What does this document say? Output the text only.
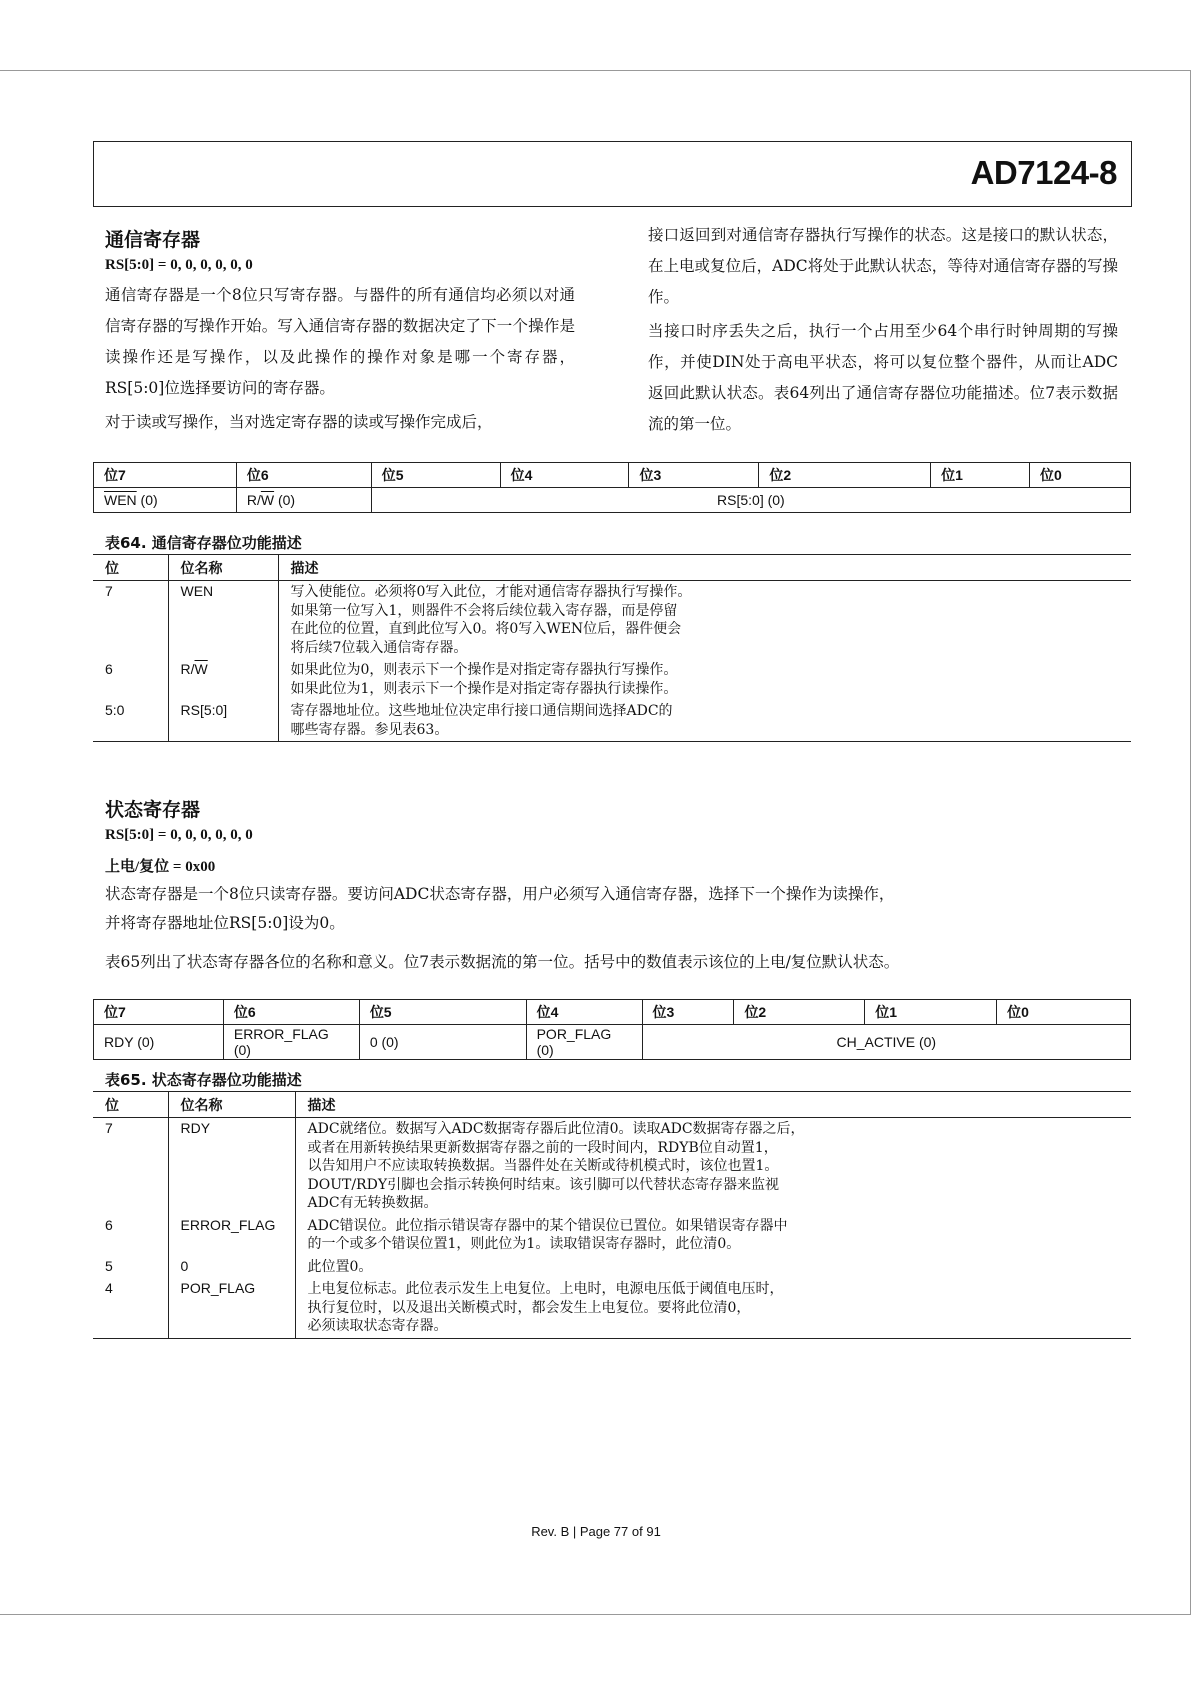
AD7124-8
通信寄存器
RS[5:0] = 0, 0, 0, 0, 0, 0

通信寄存器是一个8位只写寄存器。与器件的所有通信均必须以对通信寄存器的写操作开始。写入通信寄存器的数据决定了下一个操作是读操作还是写操作，以及此操作的操作对象是哪一个寄存器，RS[5:0]位选择要访问的寄存器。

对于读或写操作，当对选定寄存器的读或写操作完成后，

接口返回到对通信寄存器执行写操作的状态。这是接口的默认状态，在上电或复位后，ADC将处于此默认状态，等待对通信寄存器的写操作。

当接口时序丢失之后，执行一个占用至少64个串行时钟周期的写操作，并使DIN处于高电平状态，将可以复位整个器件，从而让ADC返回此默认状态。表64列出了通信寄存器位功能描述。位7表示数据流的第一位。

位7	位6	位5	位4	位3	位2	位1	位0
$\overline{WEN}$ (0)	$R/\overline{W}$ (0)	RS[5:0] (0)					
表64. 通信寄存器位功能描述
位	位名称	描述
7	WEN	写入使能位。必须将0写入此位，才能对通信寄存器执行写操作。
如果第一位写入1，则器件不会将后续位载入寄存器，而是停留
在此位的位置，直到此位写入0。将0写入WEN位后，器件便会
将后续7位载入通信寄存器。

6	$R/\overline{W}$	如果此位为0，则表示下一个操作是对指定寄存器执行写操作。
如果此位为1，则表示下一个操作是对指定寄存器执行读操作。

5:0	RS[5:0]	寄存器地址位。这些地址位决定串行接口通信期间选择ADC的
哪些寄存器。参见表63。
状态寄存器
RS[5:0] = 0, 0, 0, 0, 0, 0
上电/复位 = 0x00

状态寄存器是一个8位只读寄存器。要访问ADC状态寄存器，用户必须写入通信寄存器，选择下一个操作为读操作，

并将寄存器地址位RS[5:0]设为0。

表65列出了状态寄存器各位的名称和意义。位7表示数据流的第一位。括号中的数值表示该位的上电/复位默认状态。

位7	位6	位5	位4	位3	位2	位1	位0
RDY (0)	ERROR_FLAG (0)	0 (0)	POR_FLAG (0)	CH_ACTIVE (0)			
表65. 状态寄存器位功能描述
位	位名称	描述
7	RDY	ADC就绪位。数据写入ADC数据寄存器后此位清0。读取ADC数据寄存器之后，
或者在用新转换结果更新数据寄存器之前的一段时间内，RDYB位自动置1，
以告知用户不应读取转换数据。当器件处在关断或待机模式时，该位也置1。
DOUT/RDY引脚也会指示转换何时结束。该引脚可以代替状态寄存器来监视
ADC有无转换数据。

6	ERROR_FLAG	ADC错误位。此位指示错误寄存器中的某个错误位已置位。如果错误寄存器中
的一个或多个错误位置1，则此位为1。读取错误寄存器时，此位清0。

5	0	此位置0。

4	POR_FLAG	上电复位标志。此位表示发生上电复位。上电时，电源电压低于阈值电压时，
执行复位时，以及退出关断模式时，都会发生上电复位。要将此位清0，
必须读取状态寄存器。
Rev. B | Page 77 of 91
